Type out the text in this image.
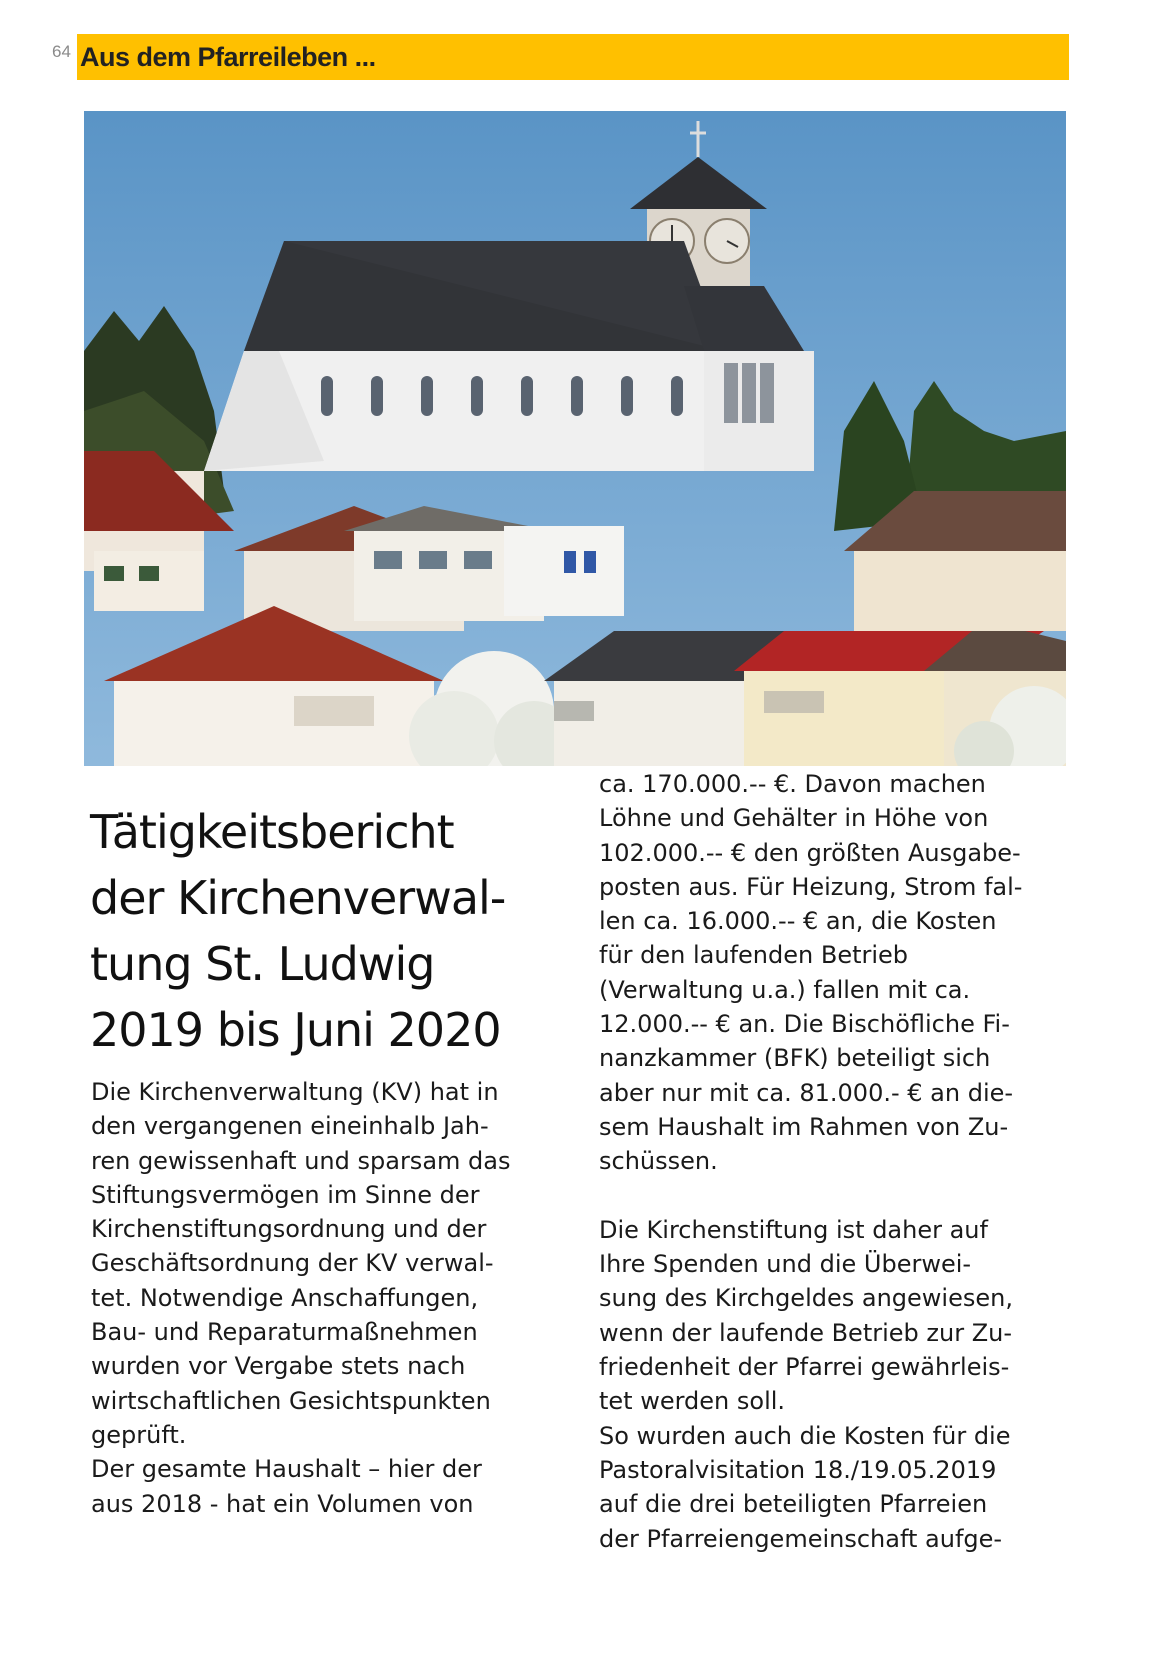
64 Aus dem Pfarreileben ...
Tätigkeitsbericht
der Kirchenverwal-
tung St. Ludwig
2019 bis Juni 2020
Die Kirchenverwaltung (KV) hat in
den vergangenen eineinhalb Jah-
ren gewissenhaft und sparsam das
Stiftungsvermögen im Sinne der
Kirchenstiftungsordnung und der
Geschäftsordnung der KV verwal-
tet. Notwendige Anschaffungen,
Bau- und Reparaturmaßnehmen
wurden vor Vergabe stets nach
wirtschaftlichen Gesichtspunkten
geprüft.
Der gesamte Haushalt – hier der
aus 2018 - hat ein Volumen von
ca. 170.000.-- €. Davon machen
Löhne und Gehälter in Höhe von
102.000.-- € den größten Ausgabe-
posten aus. Für Heizung, Strom fal-
len ca. 16.000.-- € an, die Kosten
für den laufenden Betrieb
(Verwaltung u.a.) fallen mit ca.
12.000.-- € an. Die Bischöfliche Fi-
nanzkammer (BFK) beteiligt sich
aber nur mit ca. 81.000.- € an die-
sem Haushalt im Rahmen von Zu-
schüssen.
Die Kirchenstiftung ist daher auf
Ihre Spenden und die Überwei-
sung des Kirchgeldes angewiesen,
wenn der laufende Betrieb zur Zu-
friedenheit der Pfarrei gewährleis-
tet werden soll.
So wurden auch die Kosten für die
Pastoralvisitation 18./19.05.2019
auf die drei beteiligten Pfarreien
der Pfarreiengemeinschaft aufge-
